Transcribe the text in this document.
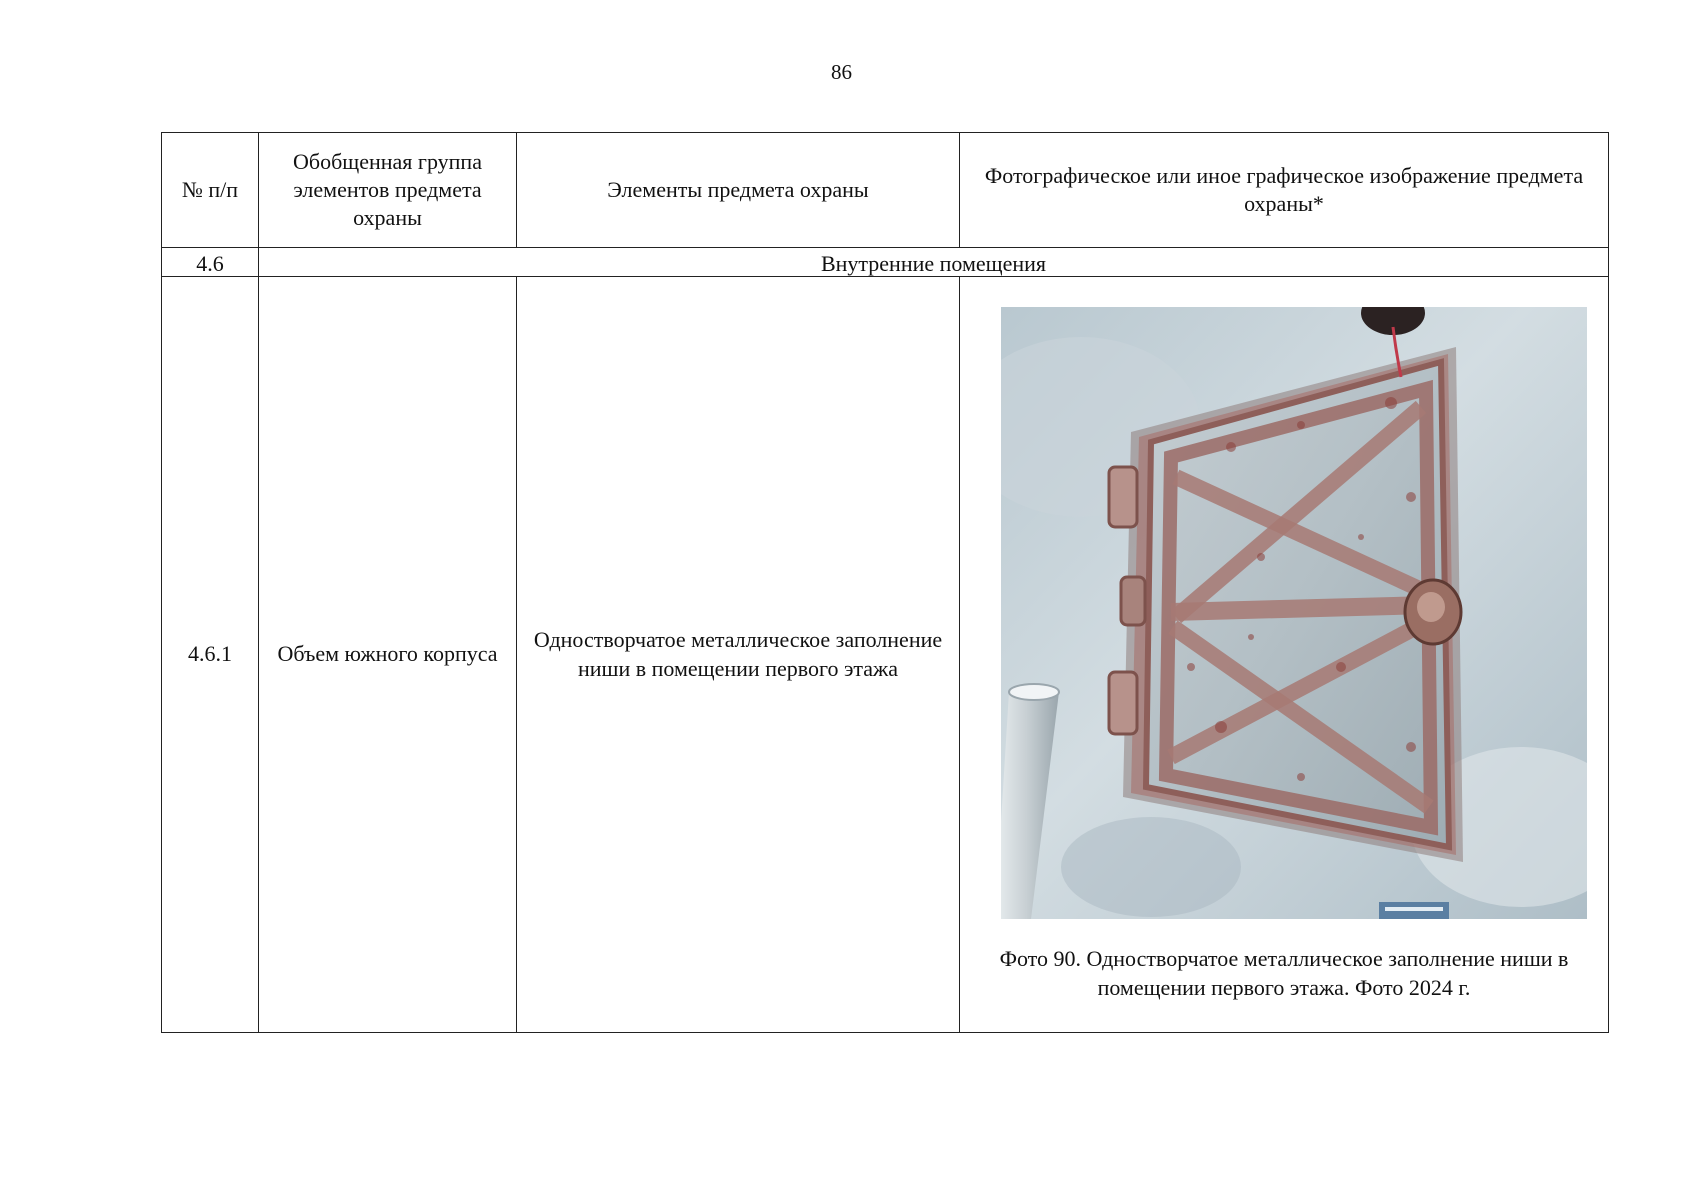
86
№ п/п	Обобщенная группа элементов предмета охраны	Элементы предмета охраны	Фотографическое или иное графическое изображение предмета охраны*
4.6	Внутренние помещения		
4.6.1	Объем южного корпуса	Одностворчатое металлическое заполнение ниши в помещении первого этажа	Фото 90. Одностворчатое металлическое заполнение ниши в помещении первого этажа. Фото 2024 г.
